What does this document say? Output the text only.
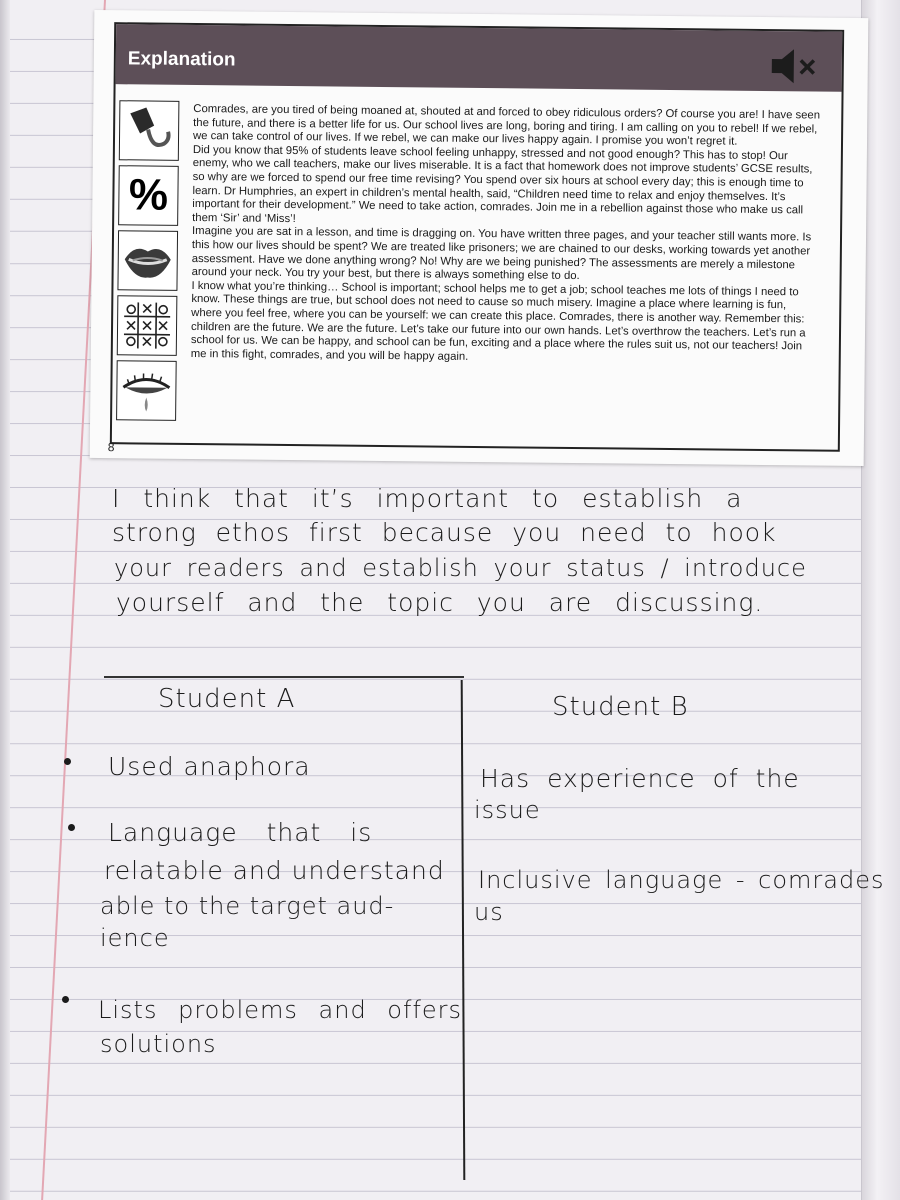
Explanation
%

Comrades, are you tired of being moaned at, shouted at and forced to obey ridiculous orders? Of course you are! I have seen the future, and there is a better life for us. Our school lives are long, boring and tiring. I am calling on you to rebel! If we rebel, we can take control of our lives. If we rebel, we can make our lives happy again. I promise you won’t regret it.

Did you know that 95% of students leave school feeling unhappy, stressed and not good enough? This has to stop! Our enemy, who we call teachers, make our lives miserable. It is a fact that homework does not improve students’ GCSE results, so why are we forced to spend our free time revising? You spend over six hours at school every day; this is enough time to learn. Dr Humphries, an expert in children’s mental health, said, “Children need time to relax and enjoy themselves. It’s important for their development.” We need to take action, comrades. Join me in a rebellion against those who make us call them ‘Sir’ and ‘Miss’!

Imagine you are sat in a lesson, and time is dragging on. You have written three pages, and your teacher still wants more. Is this how our lives should be spent? We are treated like prisoners; we are chained to our desks, working towards yet another assessment. Have we done anything wrong? No! Why are we being punished? The assessments are merely a milestone around your neck. You try your best, but there is always something else to do.

I know what you’re thinking… School is important; school helps me to get a job; school teaches me lots of things I need to know. These things are true, but school does not need to cause so much misery. Imagine a place where learning is fun, where you feel free, where you can be yourself: we can create this place. Comrades, there is another way. Remember this: children are the future. We are the future. Let’s take our future into our own hands. Let’s overthrow the teachers. Let’s run a school for us. We can be happy, and school can be fun, exciting and a place where the rules suit us, not our teachers! Join me in this fight, comrades, and you will be happy again.

8
I think that it’s important to establish a
strong ethos first because you need to hook
your readers and establish your status / introduce
yourself and the topic you are discussing.
Student A	Student B
Used anaphora
Language that is
relatable and understand
able to the target aud-
ience
Lists problems and offers
solutions
Has experience of the
issue
Inclusive language - comrades
us
